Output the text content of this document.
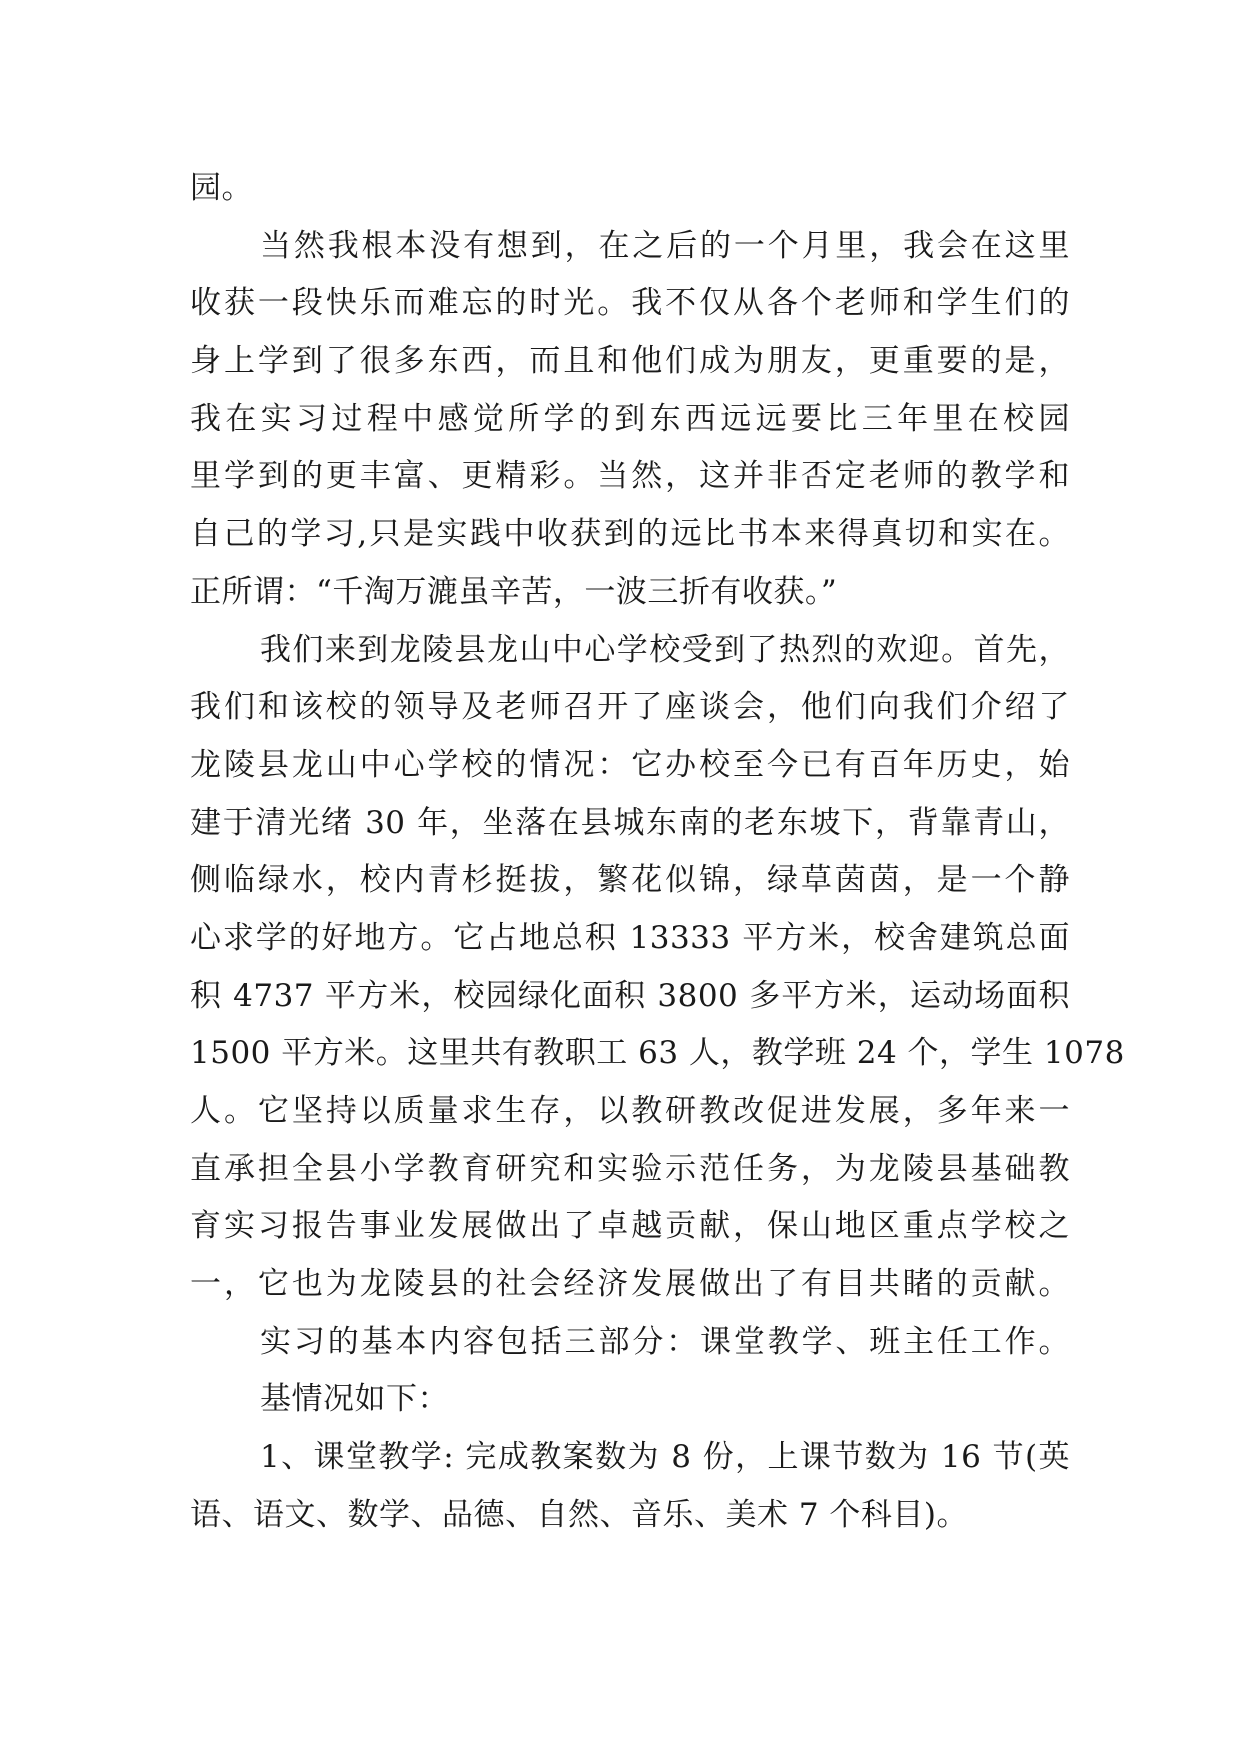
园。
当然我根本没有想到，在之后的一个月里，我会在这里
收获一段快乐而难忘的时光。我不仅从各个老师和学生们的
身上学到了很多东西，而且和他们成为朋友，更重要的是，
我在实习过程中感觉所学的到东西远远要比三年里在校园
里学到的更丰富、更精彩。当然，这并非否定老师的教学和
自己的学习,只是实践中收获到的远比书本来得真切和实在。
正所谓：“千淘万漉虽辛苦，一波三折有收获。”
我们来到龙陵县龙山中心学校受到了热烈的欢迎。首先，
我们和该校的领导及老师召开了座谈会，他们向我们介绍了
龙陵县龙山中心学校的情况：它办校至今已有百年历史，始
建于清光绪 30 年，坐落在县城东南的老东坡下，背靠青山，
侧临绿水，校内青杉挺拔，繁花似锦，绿草茵茵，是一个静
心求学的好地方。它占地总积 13333 平方米，校舍建筑总面
积 4737 平方米，校园绿化面积 3800 多平方米，运动场面积
1500 平方米。这里共有教职工 63 人，教学班 24 个，学生 1078
人。它坚持以质量求生存，以教研教改促进发展，多年来一
直承担全县小学教育研究和实验示范任务，为龙陵县基础教
育实习报告事业发展做出了卓越贡献，保山地区重点学校之
一，它也为龙陵县的社会经济发展做出了有目共睹的贡献。
实习的基本内容包括三部分：课堂教学、班主任工作。
基情况如下：
1、课堂教学: 完成教案数为 8 份，上课节数为 16 节(英
语、语文、数学、品德、自然、音乐、美术 7 个科目)。
